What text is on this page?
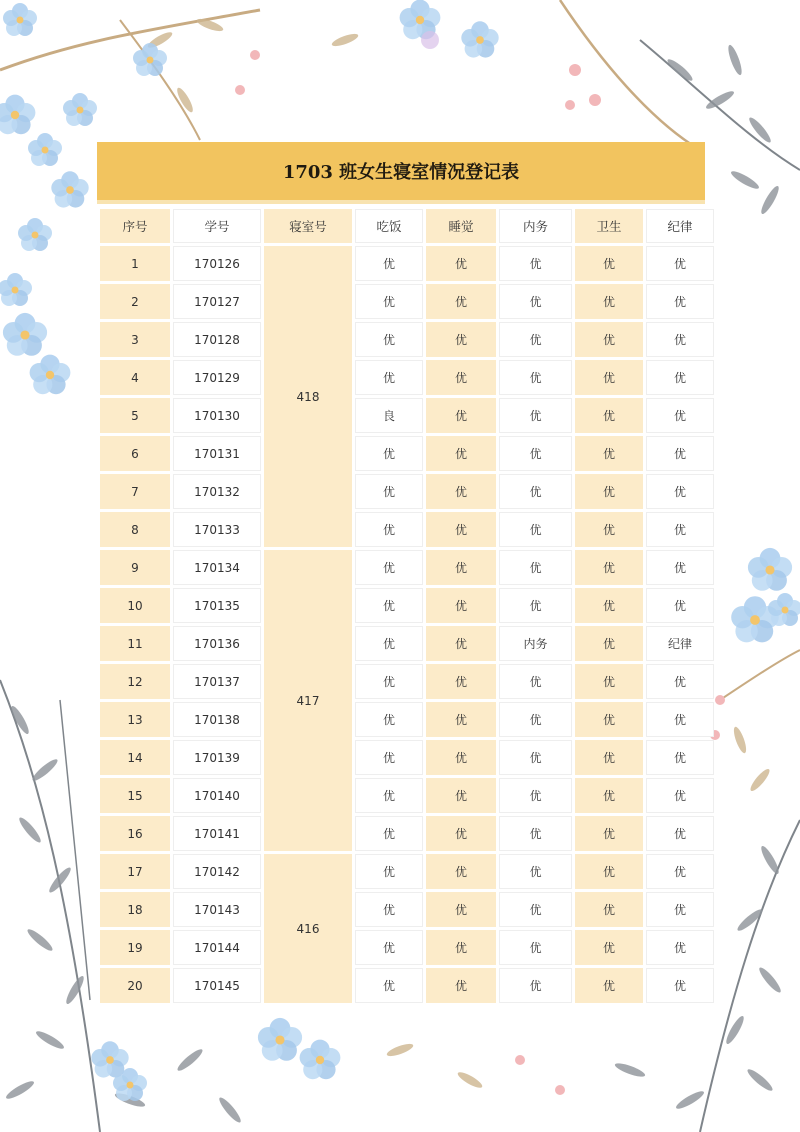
1703 班女生寝室情况登记表
序号	学号	寝室号	吃饭	睡觉	内务	卫生	纪律
1	170126	418	优	优	优	优	优
2	170127		优	优	优	优	优
3	170128		优	优	优	优	优
4	170129		优	优	优	优	优
5	170130		良	优	优	优	优
6	170131		优	优	优	优	优
7	170132		优	优	优	优	优
8	170133		优	优	优	优	优
9	170134	417	优	优	优	优	优
10	170135		优	优	优	优	优
11	170136		优	优	内务	优	纪律
12	170137		优	优	优	优	优
13	170138		优	优	优	优	优
14	170139		优	优	优	优	优
15	170140		优	优	优	优	优
16	170141		优	优	优	优	优
17	170142	416	优	优	优	优	优
18	170143		优	优	优	优	优
19	170144		优	优	优	优	优
20	170145		优	优	优	优	优
